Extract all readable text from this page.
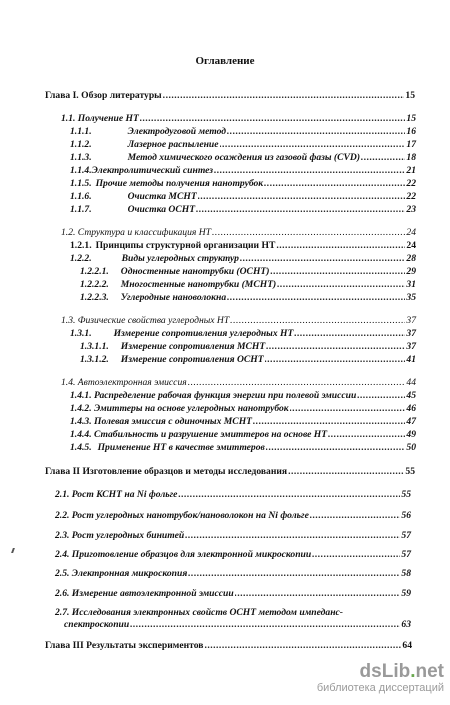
Оглавление
Глава I. Обзор литературы .....	15
1.1. Получение НТ .....	15
1.1.1.	Электродуговой метод .....	16
1.1.2.	Лазерное распыление .....	17
1.1.3.	Метод химического осаждения из газовой фазы (CVD) .....	18
1.1.4.Электролитический синтез .....	21
1.1.5. Прочие методы получения нанотрубок .....	22
1.1.6.	Очистка МСНТ .....	22
1.1.7.	Очистка ОСНТ .....	23
1.2. Структура и классификация НТ .....	24
1.2.1. Принципы структурной организации НТ .....	24
1.2.2.	Виды углеродных структур .....	28
1.2.2.1. Одностенные нанотрубки (ОСНТ) .....	29
1.2.2.2. Многостенные нанотрубки (МСНТ) .....	31
1.2.2.3. Углеродные нановолокна .....	35
1.3. Физические свойства углеродных НТ .....	37
1.3.1. Измерение сопротивления углеродных НТ .....	37
1.3.1.1. Измерение сопротивления МСНТ .....	37
1.3.1.2. Измерение сопротивления ОСНТ .....	41
1.4. Автоэлектронная эмиссия .....	44
1.4.1. Распределение рабочая функция энергии при полевой эмиссии .....	45
1.4.2. Эмиттеры на основе углеродных нанотрубок .....	46
1.4.3. Полевая эмиссия с одиночных МСНТ .....	47
1.4.4. Стабильность и разрушение эмиттеров на основе НТ .....	49
1.4.5. Применение НТ в качестве эмиттеров .....	50
Глава II Изготовление образцов и методы исследования .....	55
2.1. Рост КСНТ на Ni фольге .....	55
2.2. Рост углеродных нанотрубок/нановолокон на Ni фольге .....	56
2.3. Рост углеродных бинитей .....	57
2.4. Приготовление образцов для электронной микроскопии .....	57
2.5. Электронная микроскопия .....	58
2.6. Измерение автоэлектронной эмиссии .....	59
2.7. Исследования электронных свойств ОСНТ методом импеданс-
спектроскопии .....	63
Глава III Результаты экспериментов .....	64
dsLib.net
библиотека диссертаций
